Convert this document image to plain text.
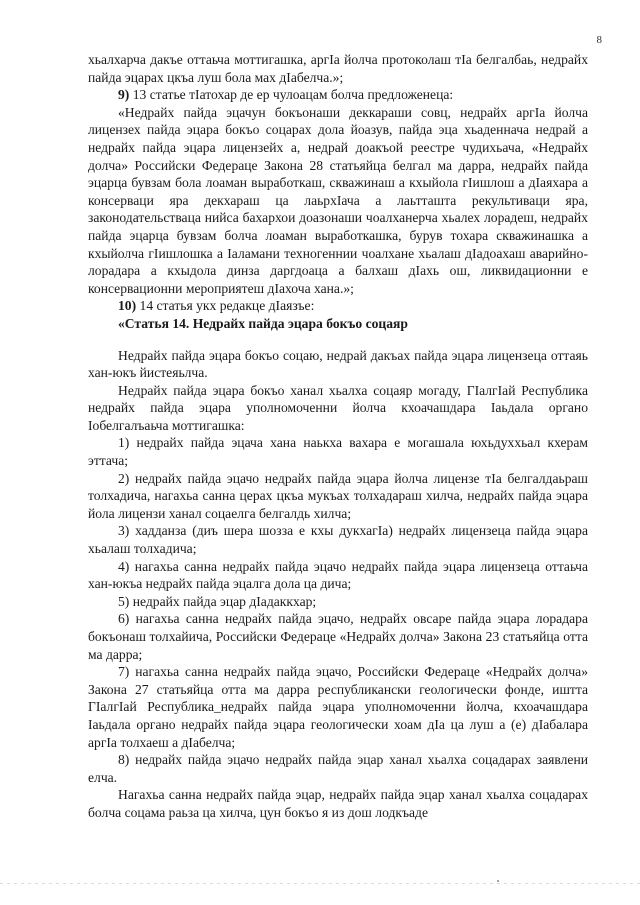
8

хьалхарча дакъе оттаьча моттигашка, аргIа йолча протоколаш тIа белгалбаь, недрайх пайда эцарах цкъа луш бола мах дIабелча.»;

9) 13 статье тIатохар де ер чулоацам болча предложенеца:

«Недрайх пайда эцачун бокъонаши деккараши совц, недрайх аргIа йолча лицензех пайда эцара бокъо соцарах дола йоазув, пайда эца хьаденнача недрай а недрайх пайда эцара лицензейх а, недрай доакъой реестре чудихьача, «Недрайх долча» Российски Федераце Закона 28 статьяйца белгал ма дарра, недрайх пайда эцарца бувзам бола лоаман выработкаш, скважинаш а кхыйола гIишлош а дIаяхара а консерваци яра декхараш ца лаьрхIача а лаьтташта рекультиваци яра, законодательстваца нийса бахархои доазонаши чоалханерча хьалех лорадеш, недрайх пайда эцарца бувзам болча лоаман выработкашка, бурув тохара скважинашка а кхыйолча гIишлошка а Iаламани техногеннии чоалхане хьалаш дIадоахаш аварийно-лорадара а кхыдола динза даргдоаца а балхаш дIахь ош, ликвидационни е консервационни мероприятеш дIахочa хана.»;

10) 14 статья укх редакце дIаязъе:

«Статья 14. Недрайх пайда эцара бокъо соцаяр

Недрайх пайда эцара бокъо соцаю, недрай дакъах пайда эцара лицензеца оттаяь хан-юкъ йистеяьлча.

Недрайх пайда эцара бокъо ханал хьалха соцаяр могаду, ГIалгIай Республика недрайх пайда эцара уполномоченни йолча кхоачашдара Iаьдала органо Iобелгалъаьча моттигашка:

1) недрайх пайда эцача хана наькха вахара е могашала юхьдуххьал кхерам эттача;

2) недрайх пайда эцачо недрайх пайда эцара йолча лицензе тIа белгалдаьраш толхадича, нагахьа санна церах цкъа мукъах толхадараш хилча, недрайх пайда эцара йола лицензи ханал соцаелга белгалдь хилча;

3) хадданза (диъ шера шозза е кхы дукхагIа) недрайх лицензеца пайда эцара хьалаш толхадича;

4) нагахьа санна недрайх пайда эцачо недрайх пайда эцара лицензеца оттаьча хан-юкъа недрайх пайда эцалга дола ца дича;

5) недрайх пайда эцар дIадаккхар;

6) нагахьа санна недрайх пайда эцачо, недрайх овсаре пайда эцара лорадара бокъонаш толхайича, Российски Федераце «Недрайх долча» Закона 23 статьяйца отта ма дарра;

7) нагахьа санна недрайх пайда эцачо, Российски Федераце «Недрайх долча» Закона 27 статьяйца отта ма дарра республикански геологически фонде, иштта ГIалгIай Республика_недрайх пайда эцара уполномоченни йолча, кхоачашдара Iаьдала органо недрайх пайда эцара геологически хоам дIа ца луш а (е) дIабалара аргIа толхаеш а дIабелча;

8) недрайх пайда эцачо недрайх пайда эцар ханал хьалха соцадарах заявлени елча.

Нагахьа санна недрайх пайда эцар, недрайх пайда эцар ханал хьалха соцадарах болча соцама раьза ца хилча, цун бокъо я из дош лодкъаде
